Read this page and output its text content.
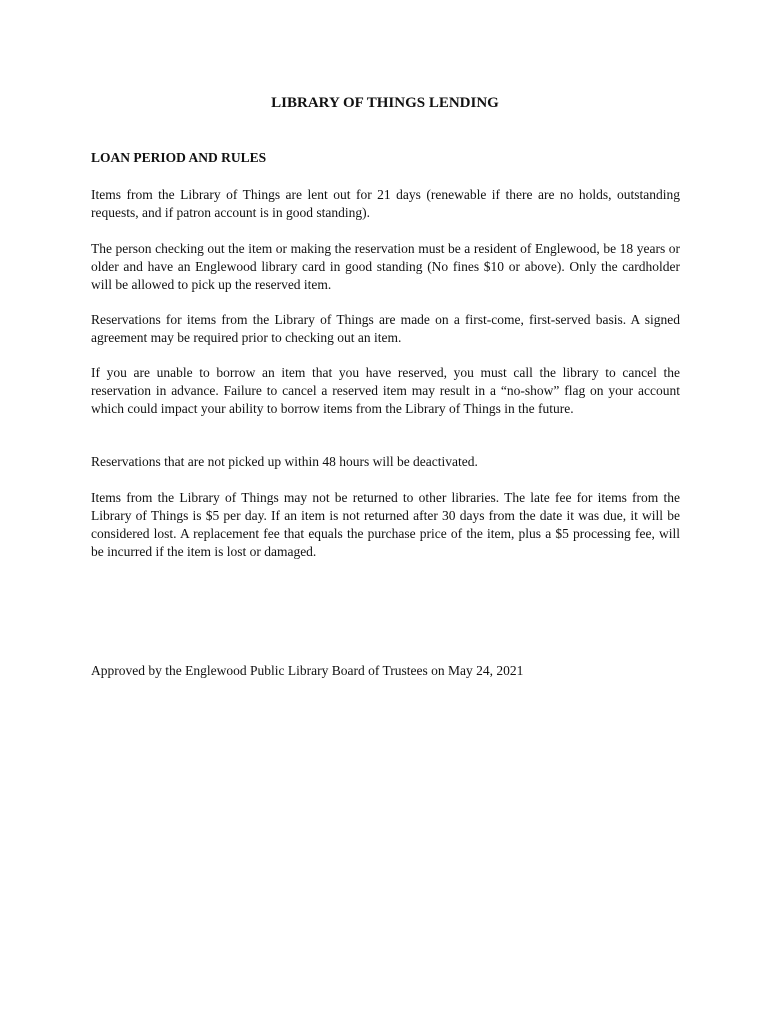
LIBRARY OF THINGS LENDING
LOAN PERIOD AND RULES

Items from the Library of Things are lent out for 21 days (renewable if there are no holds, outstanding requests, and if patron account is in good standing).

The person checking out the item or making the reservation must be a resident of Englewood, be 18 years or older and have an Englewood library card in good standing (No fines $10 or above). Only the cardholder will be allowed to pick up the reserved item.

Reservations for items from the Library of Things are made on a first-come, first-served basis. A signed agreement may be required prior to checking out an item.

If you are unable to borrow an item that you have reserved, you must call the library to cancel the reservation in advance. Failure to cancel a reserved item may result in a “no-show” flag on your account which could impact your ability to borrow items from the Library of Things in the future.

Reservations that are not picked up within 48 hours will be deactivated.

Items from the Library of Things may not be returned to other libraries. The late fee for items from the Library of Things is $5 per day. If an item is not returned after 30 days from the date it was due, it will be considered lost. A replacement fee that equals the purchase price of the item, plus a $5 processing fee, will be incurred if the item is lost or damaged.

Approved by the Englewood Public Library Board of Trustees on May 24, 2021
